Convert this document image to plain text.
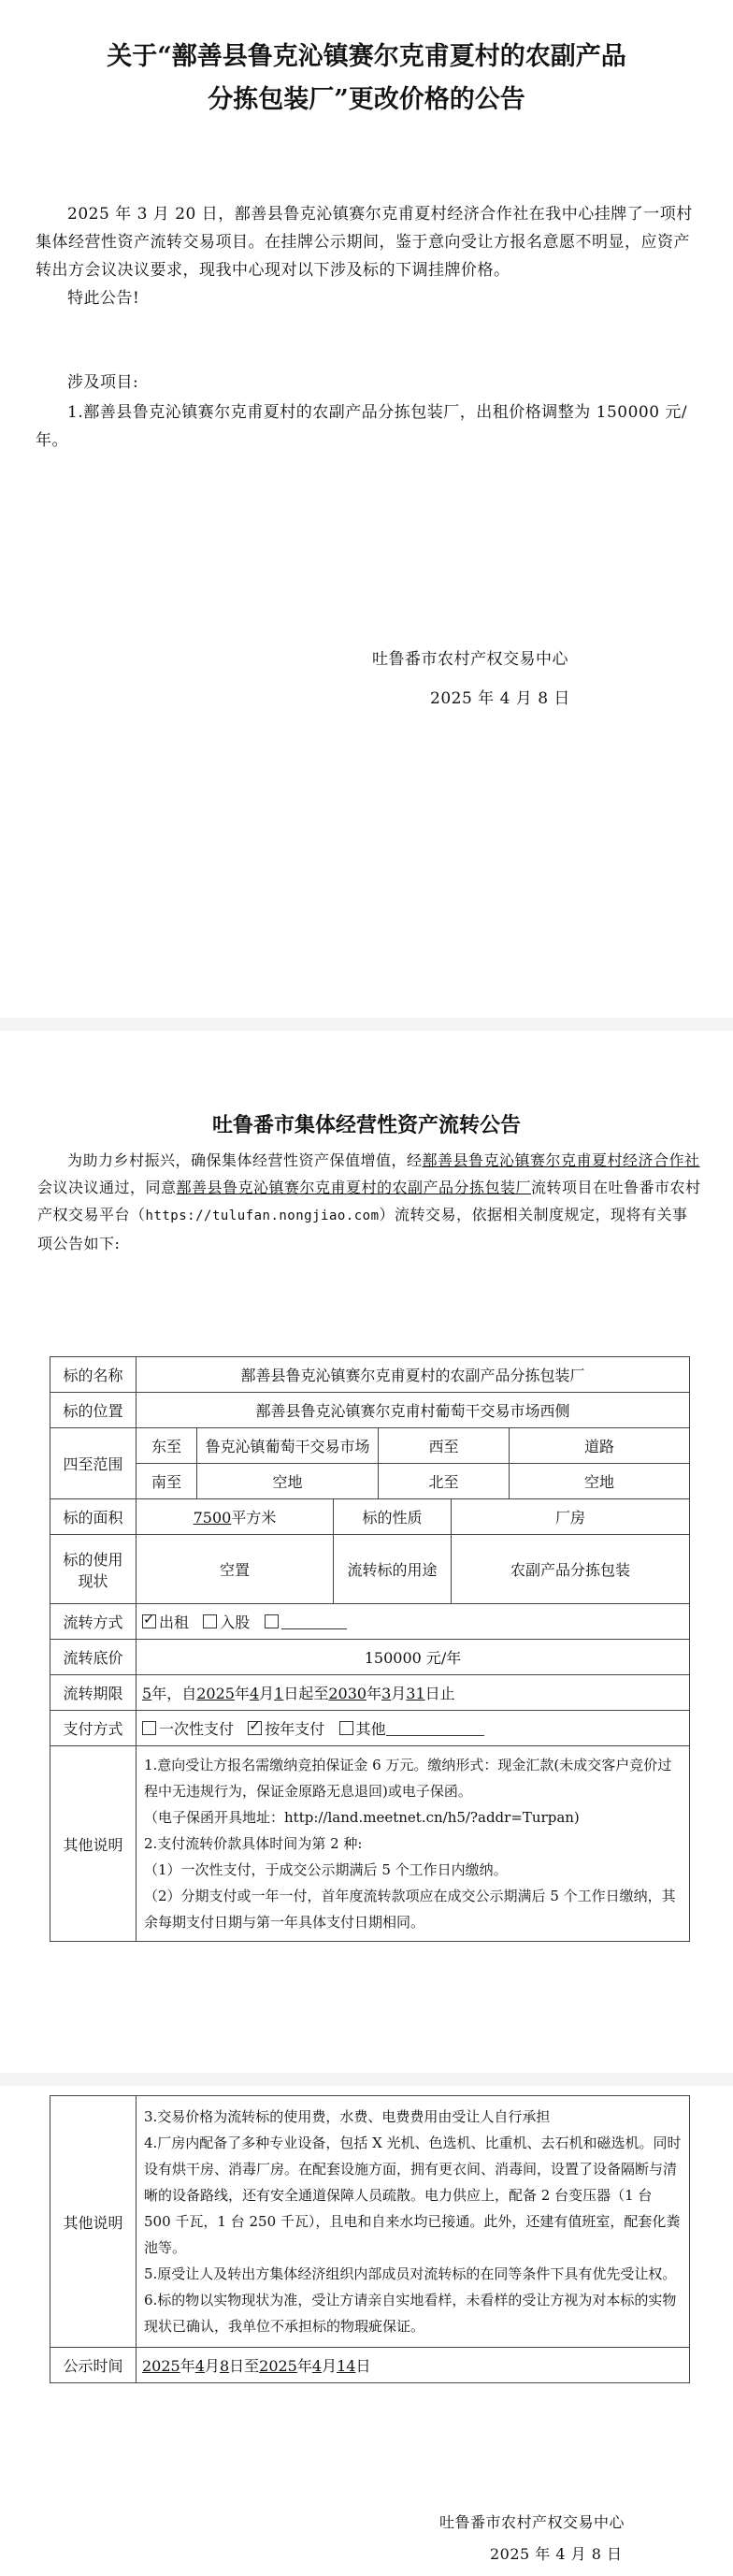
关于“鄯善县鲁克沁镇赛尔克甫夏村的农副产品
分拣包装厂”更改价格的公告
2025 年 3 月 20 日，鄯善县鲁克沁镇赛尔克甫夏村经济合作社在我中心挂牌了一项村集体经营性资产流转交易项目。在挂牌公示期间，鉴于意向受让方报名意愿不明显，应资产转出方会议决议要求，现我中心现对以下涉及标的下调挂牌价格。
特此公告!
涉及项目:
1.鄯善县鲁克沁镇赛尔克甫夏村的农副产品分拣包装厂，出租价格调整为 150000 元/年。
吐鲁番市农村产权交易中心
2025 年 4 月 8 日
吐鲁番市集体经营性资产流转公告
为助力乡村振兴，确保集体经营性资产保值增值，经鄯善县鲁克沁镇赛尔克甫夏村经济合作社会议决议通过，同意鄯善县鲁克沁镇赛尔克甫夏村的农副产品分拣包装厂流转项目在吐鲁番市农村产权交易平台（https://tulufan.nongjiao.com）流转交易，依据相关制度规定，现将有关事项公告如下:
标的名称	鄯善县鲁克沁镇赛尔克甫夏村的农副产品分拣包装厂					
标的位置	鄯善县鲁克沁镇赛尔克甫村葡萄干交易市场西侧					
四至范围	东至	鲁克沁镇葡萄干交易市场		西至		道路
	南至	空地		北至		空地
标的面积	7500平方米		标的性质		厂房	
标的使用现状	空置		流转标的用途		农副产品分拣包装	
流转方式	✓出租 入股
流转底价	150000 元/年					
流转期限	5年，自2025年4月1日起至2030年3月31日止					
支付方式	一次性支付 ✓ 按年支付 其他
其他说明	1.意向受让方报名需缴纳竞拍保证金 6 万元。缴纳形式：现金汇款(未成交客户竞价过程中无违规行为，保证金原路无息退回)或电子保函。
（电子保函开具地址：http://land.meetnet.cn/h5/?addr=Turpan)
2.支付流转价款具体时间为第 2 种:
（1）一次性支付，于成交公示期满后 5 个工作日内缴纳。
（2）分期支付或一年一付，首年度流转款项应在成交公示期满后 5 个工作日缴纳，其余每期支付日期与第一年具体支付日期相同。					
其他说明	3.交易价格为流转标的使用费，水费、电费费用由受让人自行承担
4.厂房内配备了多种专业设备，包括 X 光机、色选机、比重机、去石机和磁选机。同时设有烘干房、消毒厂房。在配套设施方面，拥有更衣间、消毒间，设置了设备隔断与清晰的设备路线，还有安全通道保障人员疏散。电力供应上，配备 2 台变压器（1 台 500 千瓦，1 台 250 千瓦），且电和自来水均已接通。此外，还建有值班室，配套化粪池等。
5.原受让人及转出方集体经济组织内部成员对流转标的在同等条件下具有优先受让权。
6.标的物以实物现状为准，受让方请亲自实地看样，未看样的受让方视为对本标的实物现状已确认，我单位不承担标的物瑕疵保证。

公示时间	2025年4月8日至2025年4月14日
吐鲁番市农村产权交易中心
2025 年 4 月 8 日
